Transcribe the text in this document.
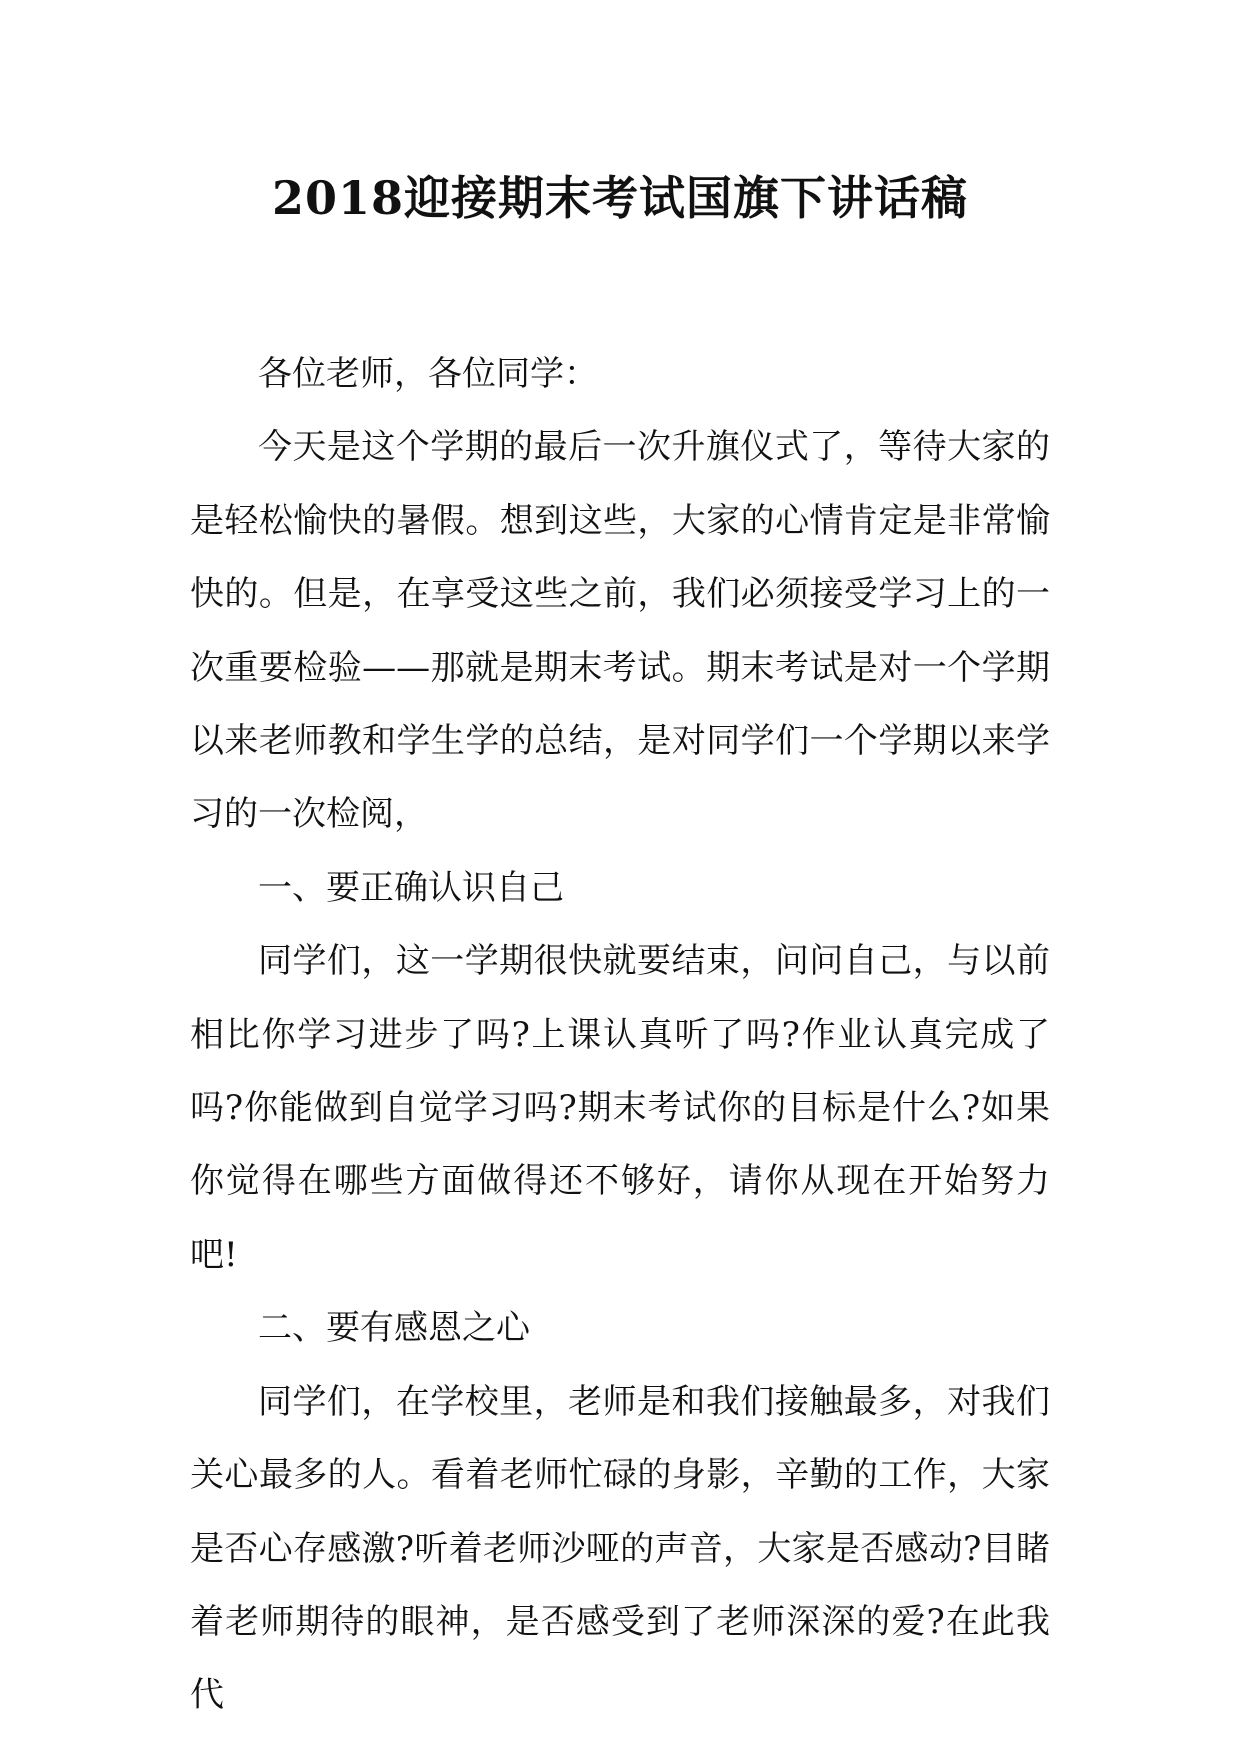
2018迎接期末考试国旗下讲话稿

各位老师，各位同学：

今天是这个学期的最后一次升旗仪式了，等待大家的是轻松愉快的暑假。想到这些，大家的心情肯定是非常愉快的。但是，在享受这些之前，我们必须接受学习上的一次重要检验——那就是期末考试。期末考试是对一个学期以来老师教和学生学的总结，是对同学们一个学期以来学习的一次检阅，

一、要正确认识自己

同学们，这一学期很快就要结束，问问自己，与以前相比你学习进步了吗?上课认真听了吗?作业认真完成了吗?你能做到自觉学习吗?期末考试你的目标是什么?如果你觉得在哪些方面做得还不够好，请你从现在开始努力吧!

二、要有感恩之心

同学们，在学校里，老师是和我们接触最多，对我们关心最多的人。看着老师忙碌的身影，辛勤的工作，大家是否心存感激?听着老师沙哑的声音，大家是否感动?目睹着老师期待的眼神，是否感受到了老师深深的爱?在此我代
